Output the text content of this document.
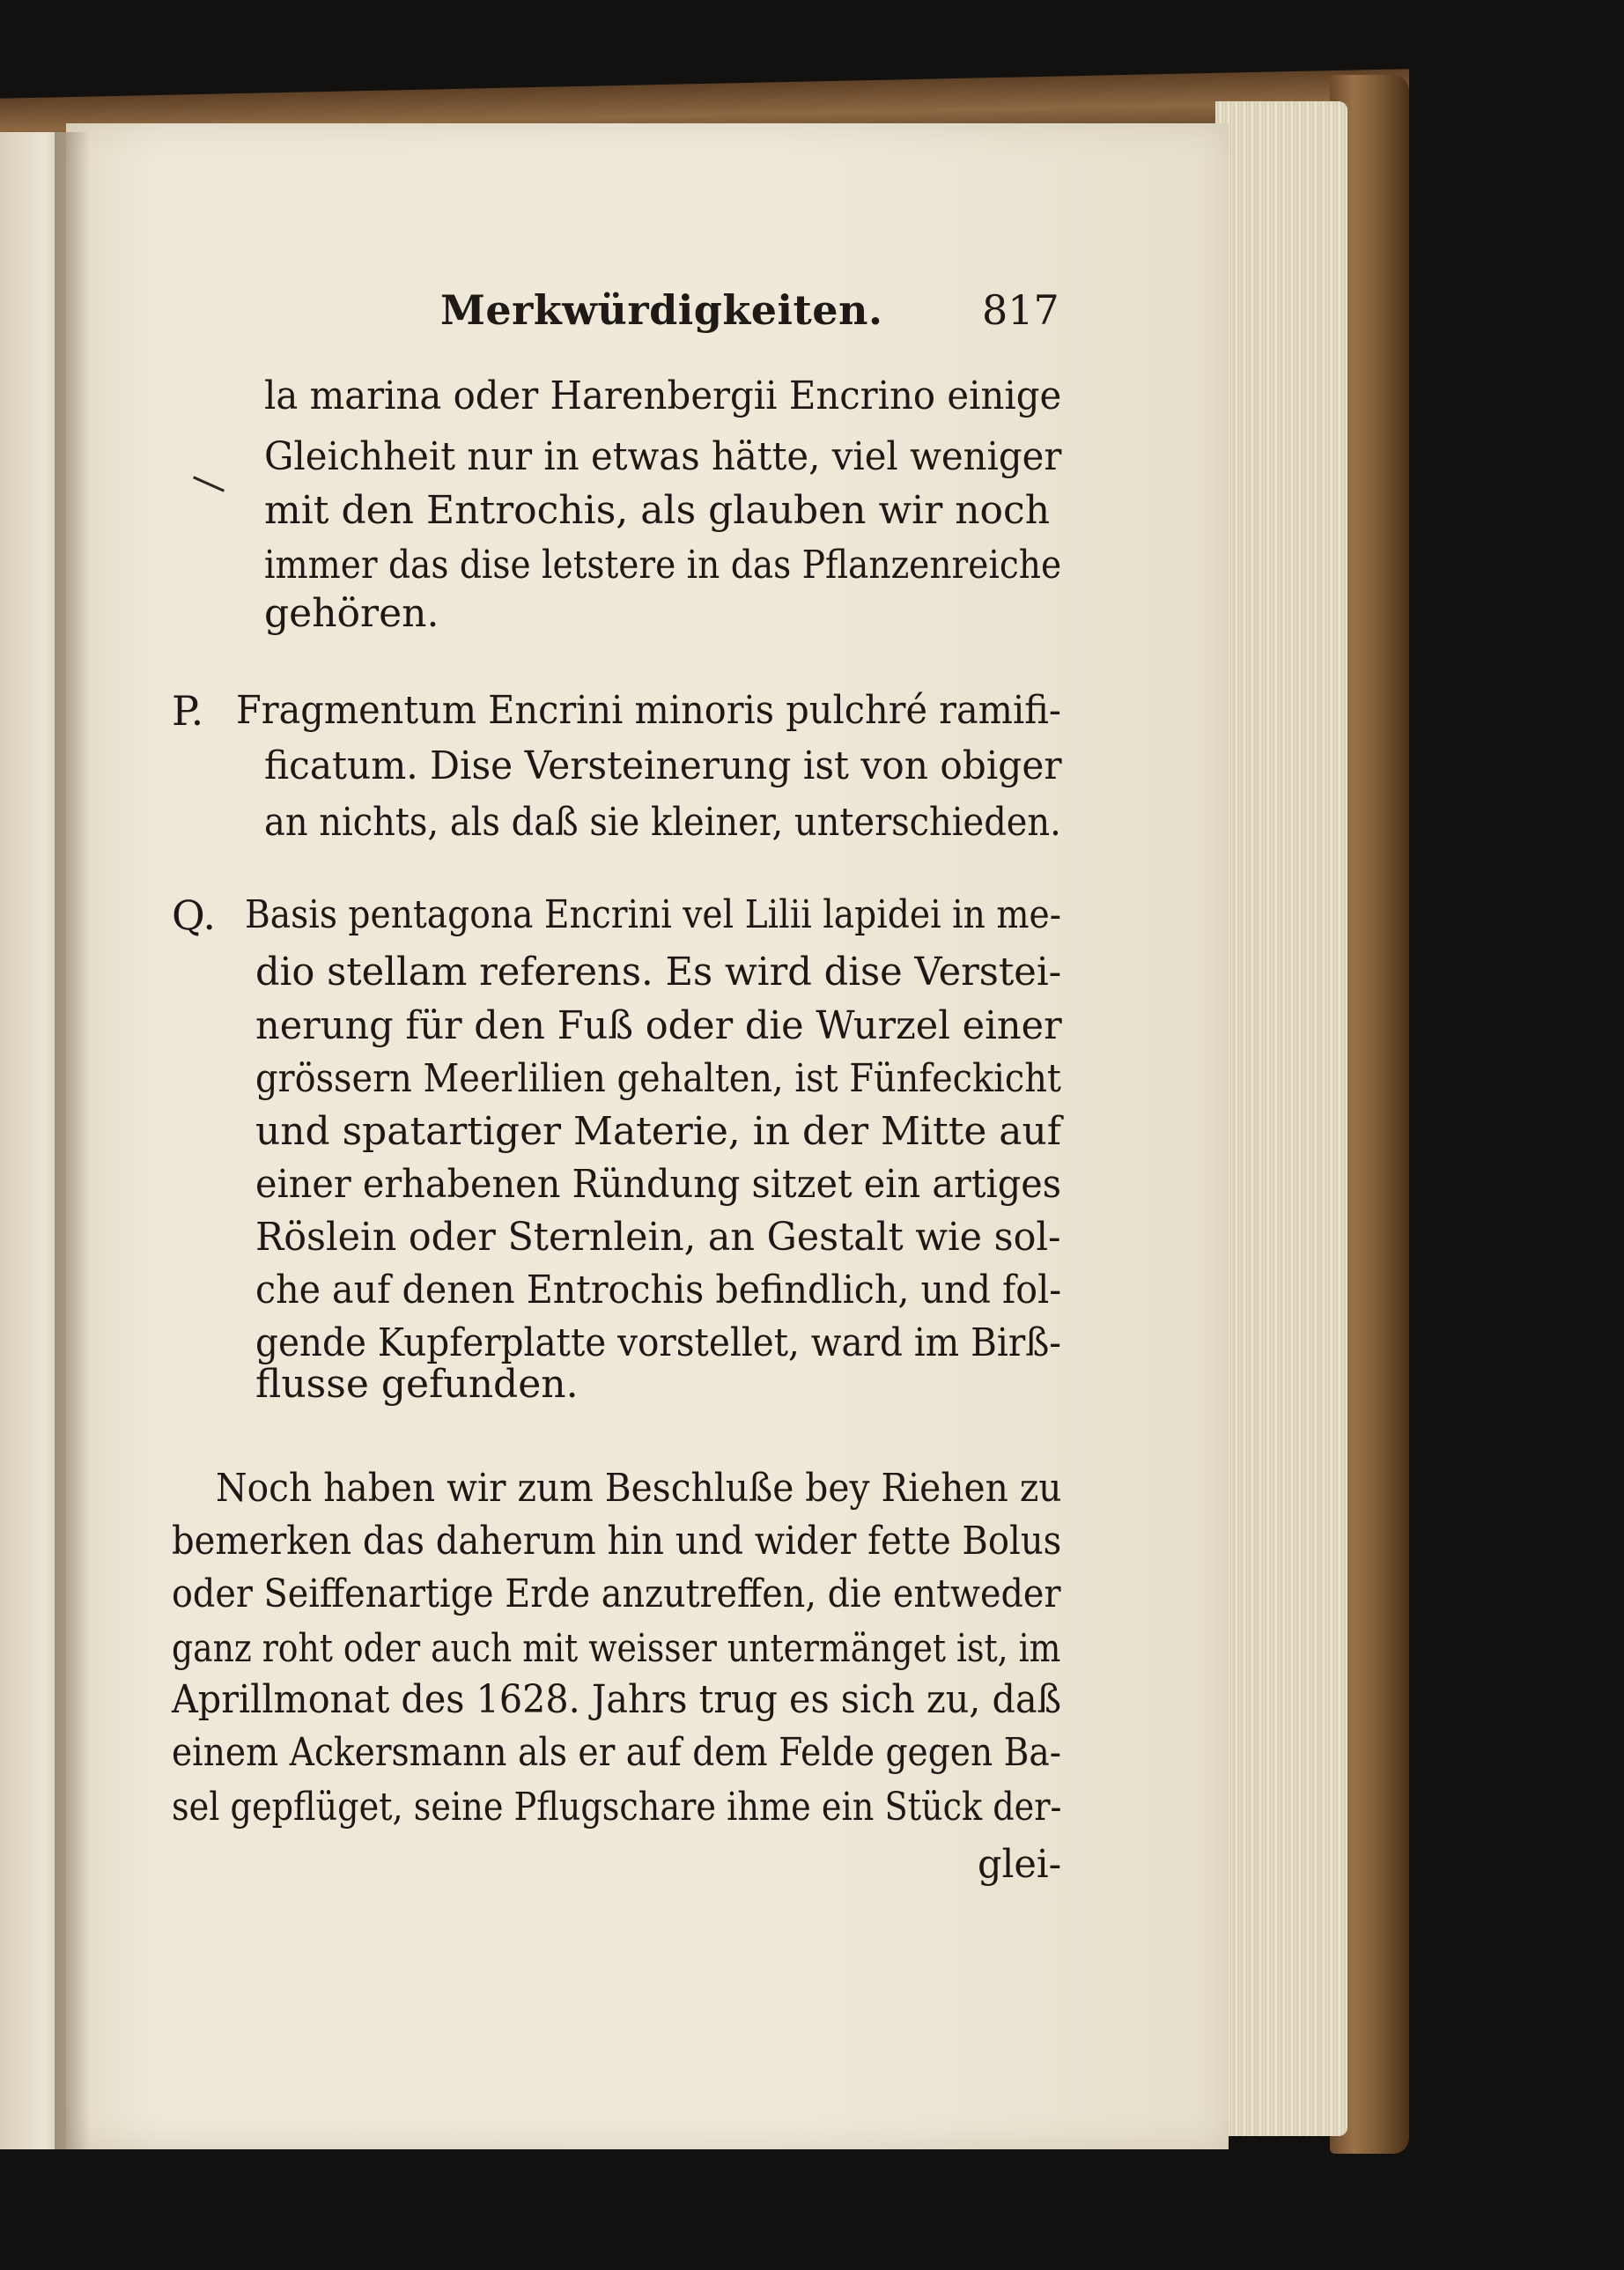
Merkwürdigkeiten. 817
la marina oder Harenbergii Encrino einige
Gleichheit nur in etwas hätte, viel weniger
mit den Entrochis, als glauben wir noch
immer das dise letstere in das Pflanzenreiche
gehören.
P. Fragmentum Encrini minoris pulchré ramiﬁ-
ficatum. Dise Versteinerung ist von obiger
an nichts, als daß sie kleiner, unterschieden.
Q. Basis pentagona Encrini vel Lilii lapidei in me-
dio stellam referens. Es wird dise Verstei-
nerung für den Fuß oder die Wurzel einer
grössern Meerlilien gehalten, ist Fünfeckicht
und spatartiger Materie, in der Mitte auf
einer erhabenen Ründung sitzet ein artiges
Röslein oder Sternlein, an Gestalt wie sol-
che auf denen Entrochis befindlich, und fol-
gende Kupferplatte vorstellet, ward im Birß-
flusse gefunden.
Noch haben wir zum Beschluße bey Riehen zu
bemerken das daherum hin und wider fette Bolus
oder Seiffenartige Erde anzutreffen, die entweder
ganz roht oder auch mit weisser untermänget ist, im
Aprillmonat des 1628. Jahrs trug es sich zu, daß
einem Ackersmann als er auf dem Felde gegen Ba-
sel gepflüget, seine Pflugschare ihme ein Stück der-
glei-
